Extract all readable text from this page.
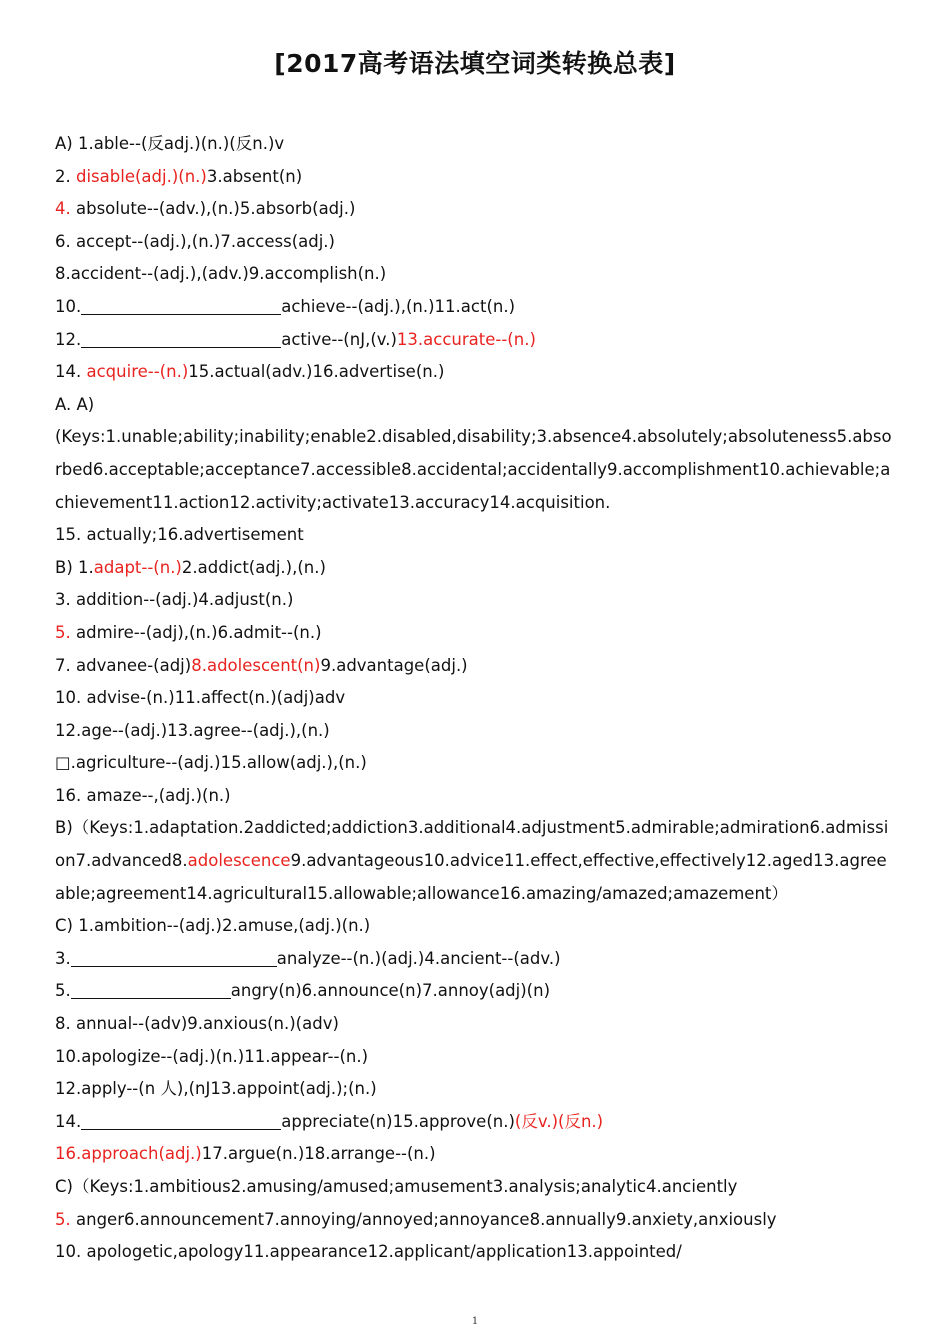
[2017高考语法填空词类转换总表]
A) 1.able--(反adj.)(n.)(反n.)v
2. disable(adj.)(n.)3.absent(n)
4. absolute--(adv.),(n.)5.absorb(adj.)
6. accept--(adj.),(n.)7.access(adj.)
8.accident--(adj.),(adv.)9.accomplish(n.)
10.	achieve--(adj.),(n.)11.act(n.)
12.	active--(nJ,(v.)13.accurate--(n.)
14. acquire--(n.)15.actual(adv.)16.advertise(n.)
A. A)
(Keys:1.unable;ability;inability;enable2.disabled,disability;3.absence4.absolutely;absoluteness5.absorbed6.acceptable;acceptance7.accessible8.accidental;accidentally9.accomplishment10.achievable;achievement11.action12.activity;activate13.accuracy14.acquisition.
15. actually;16.advertisement
B) 1.adapt--(n.)2.addict(adj.),(n.)
3. addition--(adj.)4.adjust(n.)
5. admire--(adj),(n.)6.admit--(n.)
7. advanee-(adj)8.adolescent(n)9.advantage(adj.)
10. advise-(n.)11.affect(n.)(adj)adv
12.age--(adj.)13.agree--(adj.),(n.)
□.agriculture--(adj.)15.allow(adj.),(n.)
16. amaze--,(adj.)(n.)
B)（Keys:1.adaptation.2addicted;addiction3.additional4.adjustment5.admirable;admiration6.admission7.advanced8.adolescence9.advantageous10.advice11.effect,effective,effectively12.aged13.agreeable;agreement14.agricultural15.allowable;allowance16.amazing/amazed;amazement）
C) 1.ambition--(adj.)2.amuse,(adj.)(n.)
3.	analyze--(n.)(adj.)4.ancient--(adv.)
5.	angry(n)6.announce(n)7.annoy(adj)(n)
8. annual--(adv)9.anxious(n.)(adv)
10.apologize--(adj.)(n.)11.appear--(n.)
12.apply--(n 人),(nJ13.appoint(adj.);(n.)
14.	appreciate(n)15.approve(n.)(反v.)(反n.)
16.approach(adj.)17.argue(n.)18.arrange--(n.)
C)（Keys:1.ambitious2.amusing/amused;amusement3.analysis;analytic4.anciently
5. anger6.announcement7.annoying/annoyed;annoyance8.annually9.anxiety,anxiously
10. apologetic,apology11.appearance12.applicant/application13.appointed/
1
